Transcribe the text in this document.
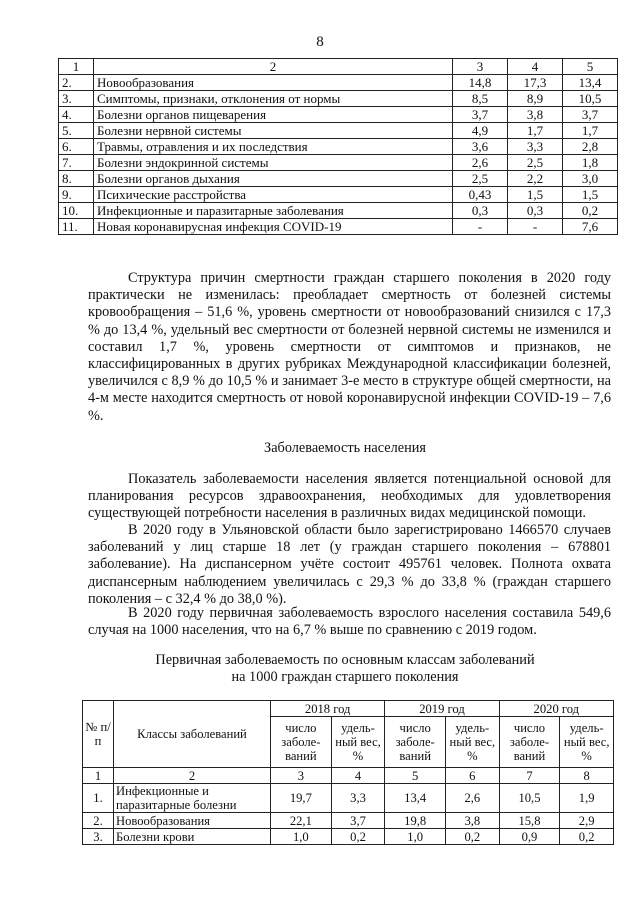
8
1	2	3	4	5
2.	Новообразования	14,8	17,3	13,4
3.	Симптомы, признаки, отклонения от нормы	8,5	8,9	10,5
4.	Болезни органов пищеварения	3,7	3,8	3,7
5.	Болезни нервной системы	4,9	1,7	1,7
6.	Травмы, отравления и их последствия	3,6	3,3	2,8
7.	Болезни эндокринной системы	2,6	2,5	1,8
8.	Болезни органов дыхания	2,5	2,2	3,0
9.	Психические расстройства	0,43	1,5	1,5
10.	Инфекционные и паразитарные заболевания	0,3	0,3	0,2
11.	Новая коронавирусная инфекция COVID-19	-	-	7,6

Структура причин смертности граждан старшего поколения в 2020 году практически не изменилась: преобладает смертность от болезней системы кровообращения – 51,6 %, уровень смертности от новообразований снизился с 17,3 % до 13,4 %, удельный вес смертности от болезней нервной системы не изменился и составил 1,7 %, уровень смертности от симптомов и признаков, не классифицированных в других рубриках Международной классификации болезней, увеличился с 8,9 % до 10,5 % и занимает 3-е место в структуре общей смертности, на 4-м месте находится смертность от новой коронавирусной инфекции COVID-19 – 7,6 %.

Заболеваемость населения

Показатель заболеваемости населения является потенциальной основой для планирования ресурсов здравоохранения, необходимых для удовлетворения существующей потребности населения в различных видах медицинской помощи.

В 2020 году в Ульяновской области было зарегистрировано 1466570 случаев заболеваний у лиц старше 18 лет (у граждан старшего поколения – 678801 заболевание). На диспансерном учёте состоит 495761 человек. Полнота охвата диспансерным наблюдением увеличилась с 29,3 % до 33,8 % (граждан старшего поколения – с 32,4 % до 38,0 %).

В 2020 году первичная заболеваемость взрослого населения составила 549,6 случая на 1000 населения, что на 6,7 % выше по сравнению с 2019 годом.

Первичная заболеваемость по основным классам заболеваний

на 1000 граждан старшего поколения

№ п/п	Классы заболеваний	2018 год		2019 год		2020 год	
		число заболе-ваний	удель-ный вес, %	число заболе-ваний	удель-ный вес, %	число заболе-ваний	удель-ный вес, %
1	2	3	4	5	6	7	8
1.	Инфекционные и паразитарные болезни	19,7	3,3	13,4	2,6	10,5	1,9
2.	Новообразования	22,1	3,7	19,8	3,8	15,8	2,9
3.	Болезни крови	1,0	0,2	1,0	0,2	0,9	0,2
